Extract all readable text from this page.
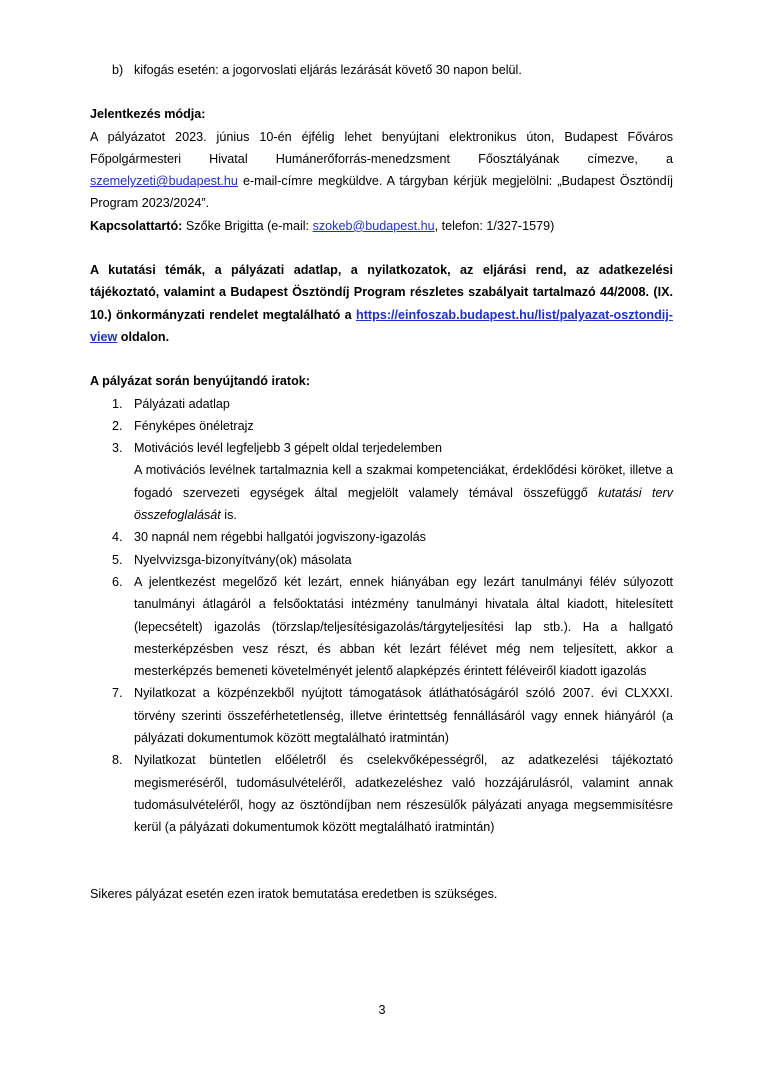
b) kifogás esetén: a jogorvoslati eljárás lezárását követő 30 napon belül.

Jelentkezés módja:

A pályázatot 2023. június 10-én éjfélig lehet benyújtani elektronikus úton, Budapest Főváros Főpolgármesteri Hivatal Humánerőforrás-menedzsment Főosztályának címezve, a szemelyzeti@budapest.hu e-mail-címre megküldve. A tárgyban kérjük megjelölni: „Budapest Ösztöndíj Program 2023/2024”.

Kapcsolattartó: Szőke Brigitta (e-mail: szokeb@budapest.hu, telefon: 1/327-1579)

A kutatási témák, a pályázati adatlap, a nyilatkozatok, az eljárási rend, az adatkezelési tájékoztató, valamint a Budapest Ösztöndíj Program részletes szabályait tartalmazó 44/2008. (IX. 10.) önkormányzati rendelet megtalálható a https://einfoszab.budapest.hu/list/palyazat-osztondij-view oldalon.

A pályázat során benyújtandó iratok:

1. Pályázati adatlap
2. Fényképes önéletrajz
3. Motivációs levél legfeljebb 3 gépelt oldal terjedelemben
A motivációs levélnek tartalmaznia kell a szakmai kompetenciákat, érdeklődési köröket, illetve a fogadó szervezeti egységek által megjelölt valamely témával összefüggő kutatási terv összefoglalását is.
4. 30 napnál nem régebbi hallgatói jogviszony-igazolás
5. Nyelvvizsga-bizonyítvány(ok) másolata
6. A jelentkezést megelőző két lezárt, ennek hiányában egy lezárt tanulmányi félév súlyozott tanulmányi átlagáról a felsőoktatási intézmény tanulmányi hivatala által kiadott, hitelesített (lepecsételt) igazolás (törzslap/teljesítésigazolás/tárgyteljesítési lap stb.). Ha a hallgató mesterképzésben vesz részt, és abban két lezárt félévet még nem teljesített, akkor a mesterképzés bemeneti követelményét jelentő alapképzés érintett féléveiről kiadott igazolás
7. Nyilatkozat a közpénzekből nyújtott támogatások átláthatóságáról szóló 2007. évi CLXXXI. törvény szerinti összeférhetetlenség, illetve érintettség fennállásáról vagy ennek hiányáról (a pályázati dokumentumok között megtalálható iratmintán)
8. Nyilatkozat büntetlen előéletről és cselekvőképességről, az adatkezelési tájékoztató megismeréséről, tudomásulvételéről, adatkezeléshez való hozzájárulásról, valamint annak tudomásulvételéről, hogy az ösztöndíjban nem részesülők pályázati anyaga megsemmisítésre kerül (a pályázati dokumentumok között megtalálható iratmintán)

Sikeres pályázat esetén ezen iratok bemutatása eredetben is szükséges.

3
